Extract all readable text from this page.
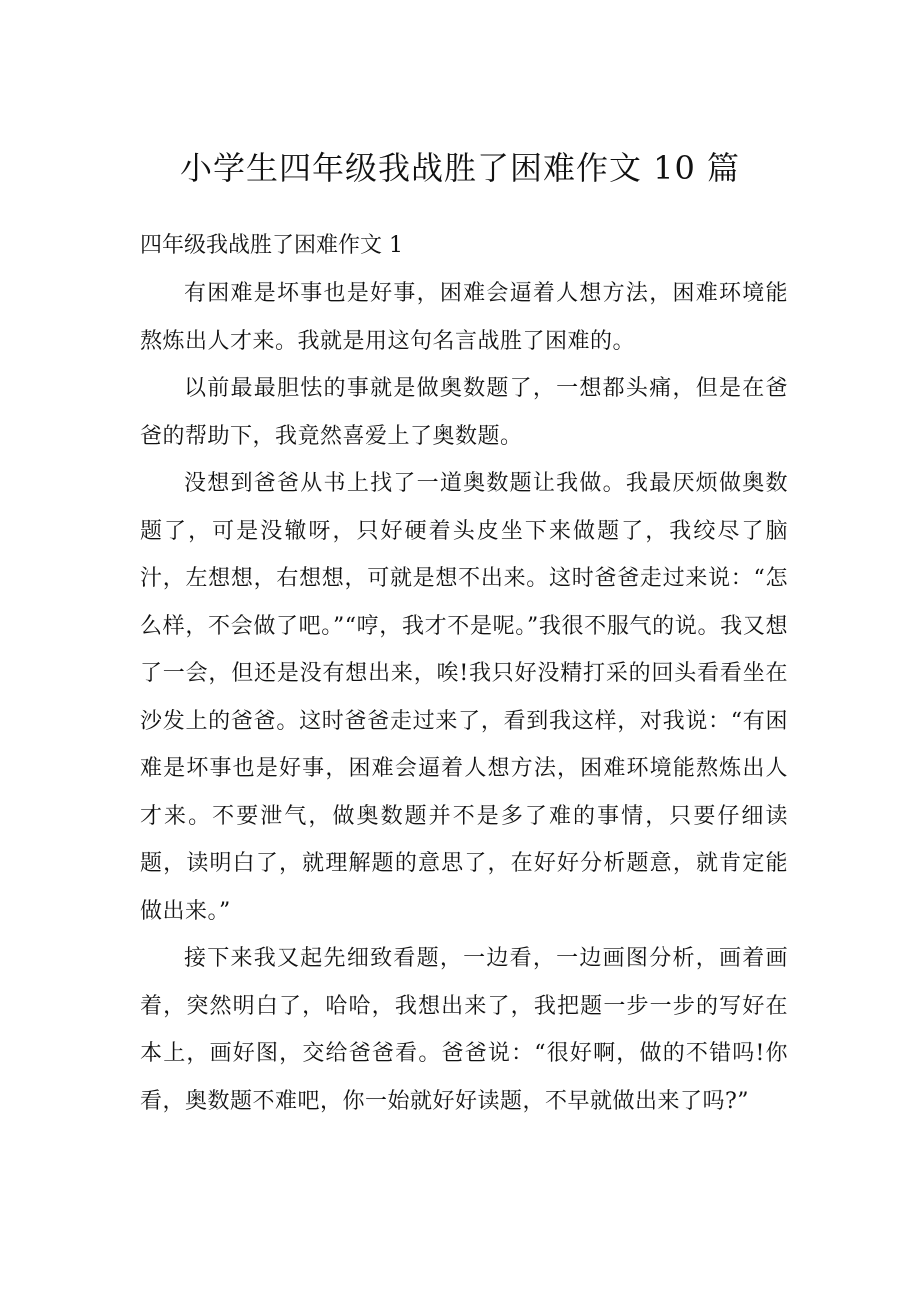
小学生四年级我战胜了困难作文 10 篇
四年级我战胜了困难作文 1

有困难是坏事也是好事，困难会逼着人想方法，困难环境能熬炼出人才来。我就是用这句名言战胜了困难的。

以前最最胆怯的事就是做奥数题了，一想都头痛，但是在爸爸的帮助下，我竟然喜爱上了奥数题。

没想到爸爸从书上找了一道奥数题让我做。我最厌烦做奥数题了，可是没辙呀，只好硬着头皮坐下来做题了，我绞尽了脑汁，左想想，右想想，可就是想不出来。这时爸爸走过来说：“怎么样，不会做了吧。”“哼，我才不是呢。”我很不服气的说。我又想了一会，但还是没有想出来，唉!我只好没精打采的回头看看坐在沙发上的爸爸。这时爸爸走过来了，看到我这样，对我说：“有困难是坏事也是好事，困难会逼着人想方法，困难环境能熬炼出人才来。不要泄气，做奥数题并不是多了难的事情，只要仔细读题，读明白了，就理解题的意思了，在好好分析题意，就肯定能做出来。”

接下来我又起先细致看题，一边看，一边画图分析，画着画着，突然明白了，哈哈，我想出来了，我把题一步一步的写好在本上，画好图，交给爸爸看。爸爸说：“很好啊，做的不错吗!你看，奥数题不难吧，你一始就好好读题，不早就做出来了吗?”
